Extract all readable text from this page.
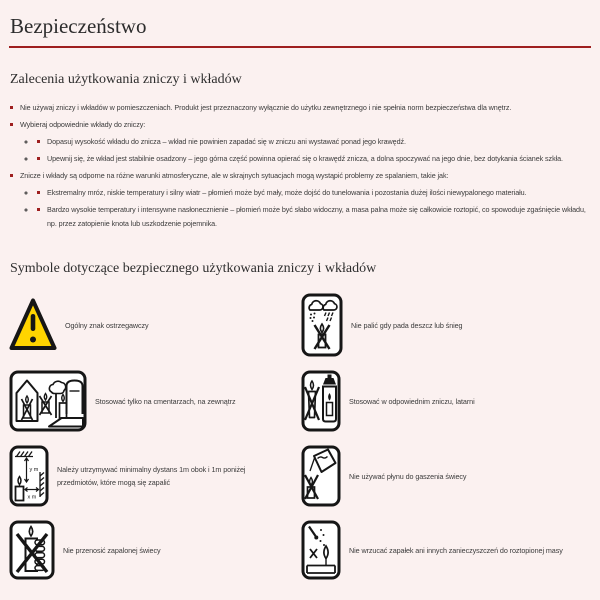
Bezpieczeństwo
Zalecenia użytkowania zniczy i wkładów
Nie używaj zniczy i wkładów w pomieszczeniach. Produkt jest przeznaczony wyłącznie do użytku zewnętrznego i nie spełnia norm bezpieczeństwa dla wnętrz.
Wybieraj odpowiednie wkłady do zniczy:
◦ Dopasuj wysokość wkładu do znicza – wkład nie powinien zapadać się w zniczu ani wystawać ponad jego krawędź.
◦ Upewnij się, że wkład jest stabilnie osadzony – jego górna część powinna opierać się o krawędź znicza, a dolna spoczywać na jego dnie, bez dotykania ścianek szkła.
Znicze i wkłady są odporne na różne warunki atmosferyczne, ale w skrajnych sytuacjach mogą wystąpić problemy ze spalaniem, takie jak:
◦ Ekstremalny mróz, niskie temperatury i silny wiatr – płomień może być mały, może dojść do tunelowania i pozostania dużej ilości niewypalonego materiału.
◦ Bardzo wysokie temperatury i intensywne nasłonecznienie – płomień może być słabo widoczny, a masa palna może się całkowicie roztopić, co spowoduje zgaśnięcie wkładu, np. przez zatopienie knota lub uszkodzenie pojemnika.
Symbole dotyczące bezpiecznego użytkowania zniczy i wkładów
Ogólny znak ostrzegawczy	Nie palić gdy pada deszcz lub śnieg
Stosować tylko na cmentarzach, na zewnątrz	Stosować w odpowiednim zniczu, latarni
y m
x m
Należy utrzymywać minimalny dystans 1m obok i 1m poniżej przedmiotów, które mogą się zapalić
Nie używać płynu do gaszenia świecy
Nie przenosić zapalonej świecy	Nie wrzucać zapałek ani innych zanieczyszczeń do roztopionej masy
